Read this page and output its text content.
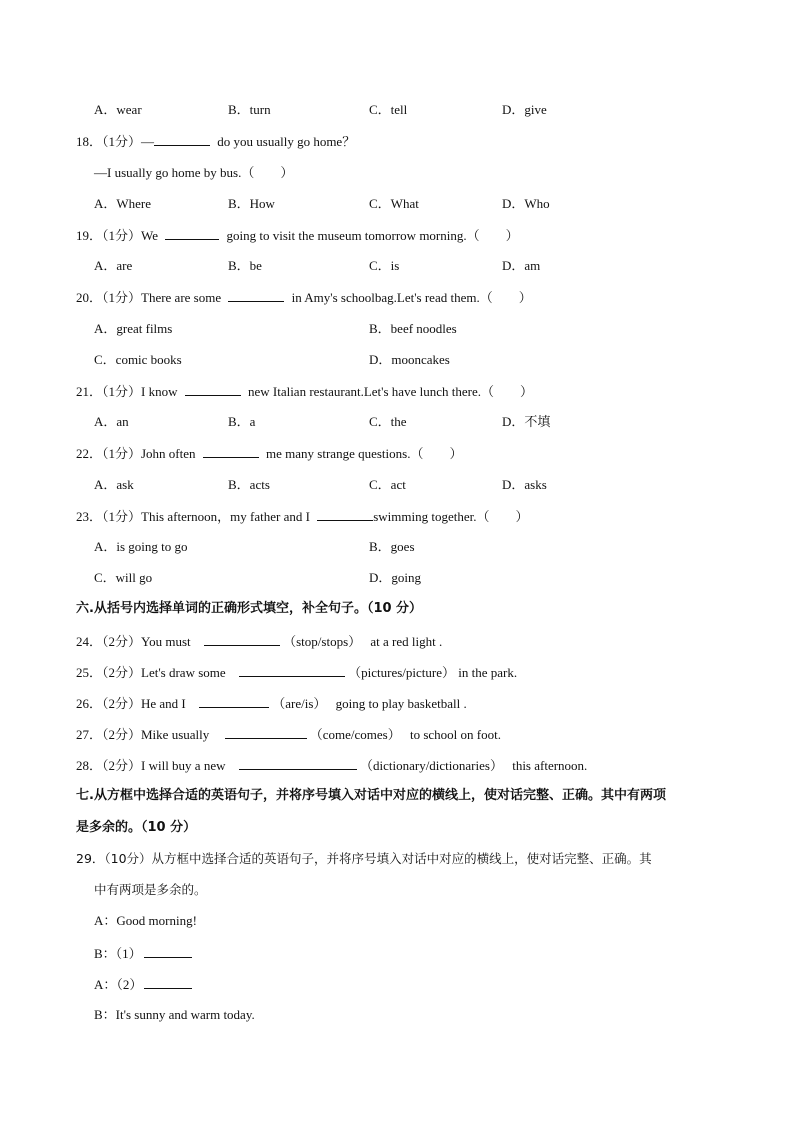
A．wear	B．turn	C．tell	D．give
18．（1分）—	do you usually go home？
—I usually go home by bus.（　　）
A．Where	B．How	C．What	D．Who
19．（1分）We	going to visit the museum tomorrow morning.（　　）
A．are	B．be	C．is	D．am
20．（1分）There are some	in Amy's schoolbag.Let's read them.（　　）
A．great films	B．beef noodles
C．comic books	D．mooncakes
21．（1分）I know	new Italian restaurant.Let's have lunch there.（　　）
A．an	B．a	C．the	D．不填
22．（1分）John often	me many strange questions.（　　）
A．ask	B．acts	C．act	D．asks
23．（1分）This afternoon，my father and I	swimming together.（　　）
A．is going to go	B．goes
C．will go	D．going
六.从括号内选择单词的正确形式填空，补全句子。（10 分）
24．（2分）You must	（stop/stops） at a red light .
25．（2分）Let's draw some	（pictures/picture） in the park.
26．（2分）He and I	（are/is） going to play basketball .
27．（2分）Mike usually	（come/comes） to school on foot.
28．（2分）I will buy a new	（dictionary/dictionaries） this afternoon.
七.从方框中选择合适的英语句子，并将序号填入对话中对应的横线上，使对话完整、正确。其中有两项
是多余的。（10 分）
29．（10分）从方框中选择合适的英语句子，并将序号填入对话中对应的横线上，使对话完整、正确。其
中有两项是多余的。
A：Good morning!
B：（1）
A：（2）
B：It's sunny and warm today.
